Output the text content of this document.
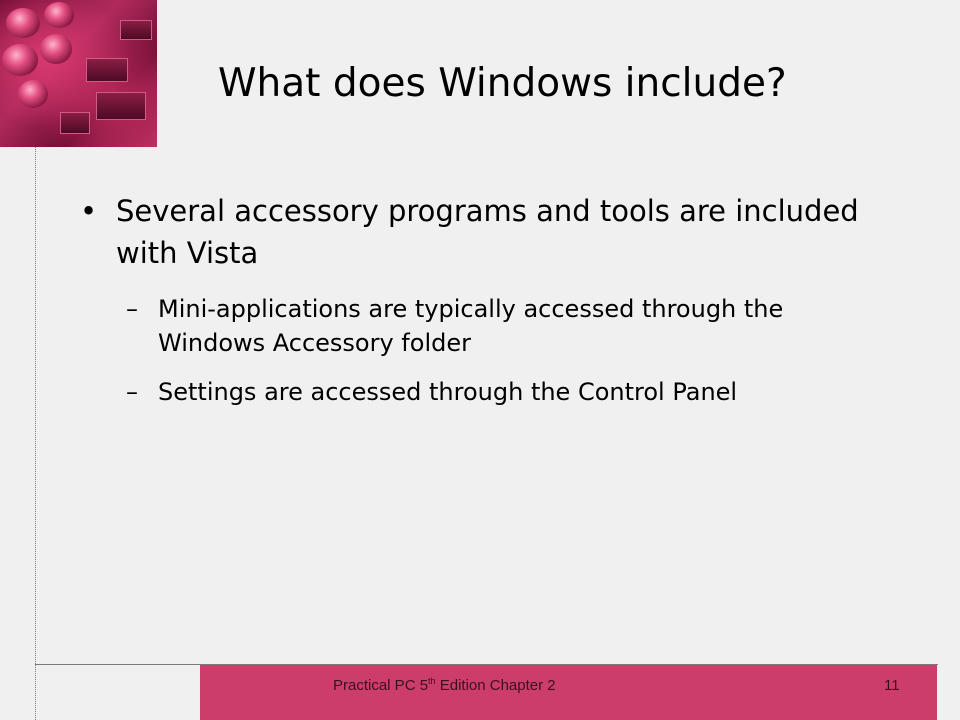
What does Windows include?
• Several accessory programs and tools are included with Vista
– Mini-applications are typically accessed through the Windows Accessory folder
– Settings are accessed through the Control Panel
Practical PC 5th Edition Chapter 2	11
